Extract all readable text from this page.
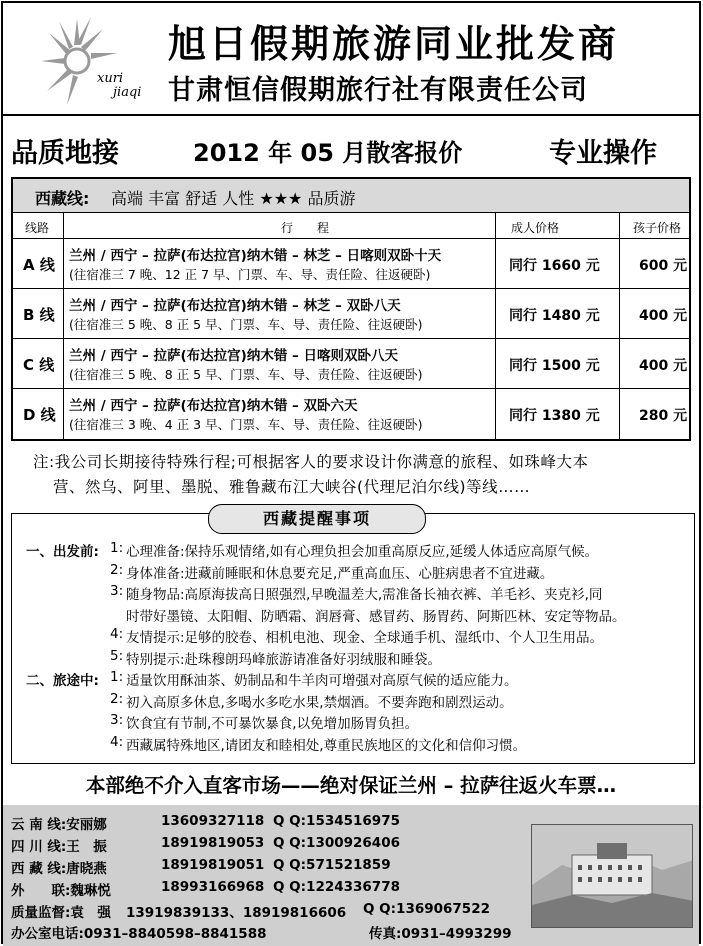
xuri
jiaqi
旭日假期旅游同业批发商
甘肃恒信假期旅行社有限责任公司
品质地接	2012 年 05 月散客报价	专业操作
西藏线: 高端 丰富 舒适 人性 ★★★ 品质游
线路	行　　程	成人价格	孩子价格
A 线 兰州 / 西宁 – 拉萨(布达拉宫)纳木错 – 林芝 – 日喀则双卧十天
(往宿准三 7 晚、12 正 7 早、门票、车、导、责任险、往返硬卧)
同行 1660 元	600 元
B 线 兰州 / 西宁 – 拉萨(布达拉宫)纳木错 – 林芝 – 双卧八天
(往宿准三 5 晚、8 正 5 早、门票、车、导、责任险、往返硬卧)
同行 1480 元	400 元
C 线 兰州 / 西宁 – 拉萨(布达拉宫)纳木错 – 日喀则双卧八天
(往宿准三 5 晚、8 正 5 早、门票、车、导、责任险、往返硬卧)
同行 1500 元	400 元
D 线 兰州 / 西宁 – 拉萨(布达拉宫)纳木错 – 双卧六天
(往宿准三 3 晚、4 正 3 早、门票、车、导、责任险、往返硬卧)
同行 1380 元	280 元
注:我公司长期接待特殊行程;可根据客人的要求设计你满意的旅程、如珠峰大本
营、然乌、阿里、墨脱、雅鲁藏布江大峡谷(代理尼泊尔线)等线……
西藏提醒事项
一、出发前: 1: 心理准备:保持乐观情绪,如有心理负担会加重高原反应,延缓人体适应高原气候。
2: 身体准备:进藏前睡眠和休息要充足,严重高血压、心脏病患者不宜进藏。
3: 随身物品:高原海拔高日照强烈,早晚温差大,需准备长袖衣裤、羊毛衫、夹克衫,同
时带好墨镜、太阳帽、防晒霜、润唇膏、感冒药、肠胃药、阿斯匹林、安定等物品。
4: 友情提示:足够的胶卷、相机电池、现金、全球通手机、湿纸巾、个人卫生用品。
5: 特别提示:赴珠穆朗玛峰旅游请准备好羽绒服和睡袋。
二、旅途中: 1: 适量饮用酥油茶、奶制品和牛羊肉可增强对高原气候的适应能力。
2: 初入高原多休息,多喝水多吃水果,禁烟酒。不要奔跑和剧烈运动。
3: 饮食宜有节制,不可暴饮暴食,以免增加肠胃负担。
4: 西藏属特殊地区,请团友和睦相处,尊重民族地区的文化和信仰习惯。
本部绝不介入直客市场——绝对保证兰州 – 拉萨往返火车票…
云 南 线:安丽娜	13609327118 Q Q:1534516975
四 川 线:王　振	18919819053 Q Q:1300926406
西 藏 线:唐晓燕	18919819051 Q Q:571521859
外　　联:魏琳悦	18993166968 Q Q:1224336778
质量监督:袁　强 13919839133、18919816606 Q Q:1369067522
办公室电话:0931–8840598–8841588	传真:0931–4993299
